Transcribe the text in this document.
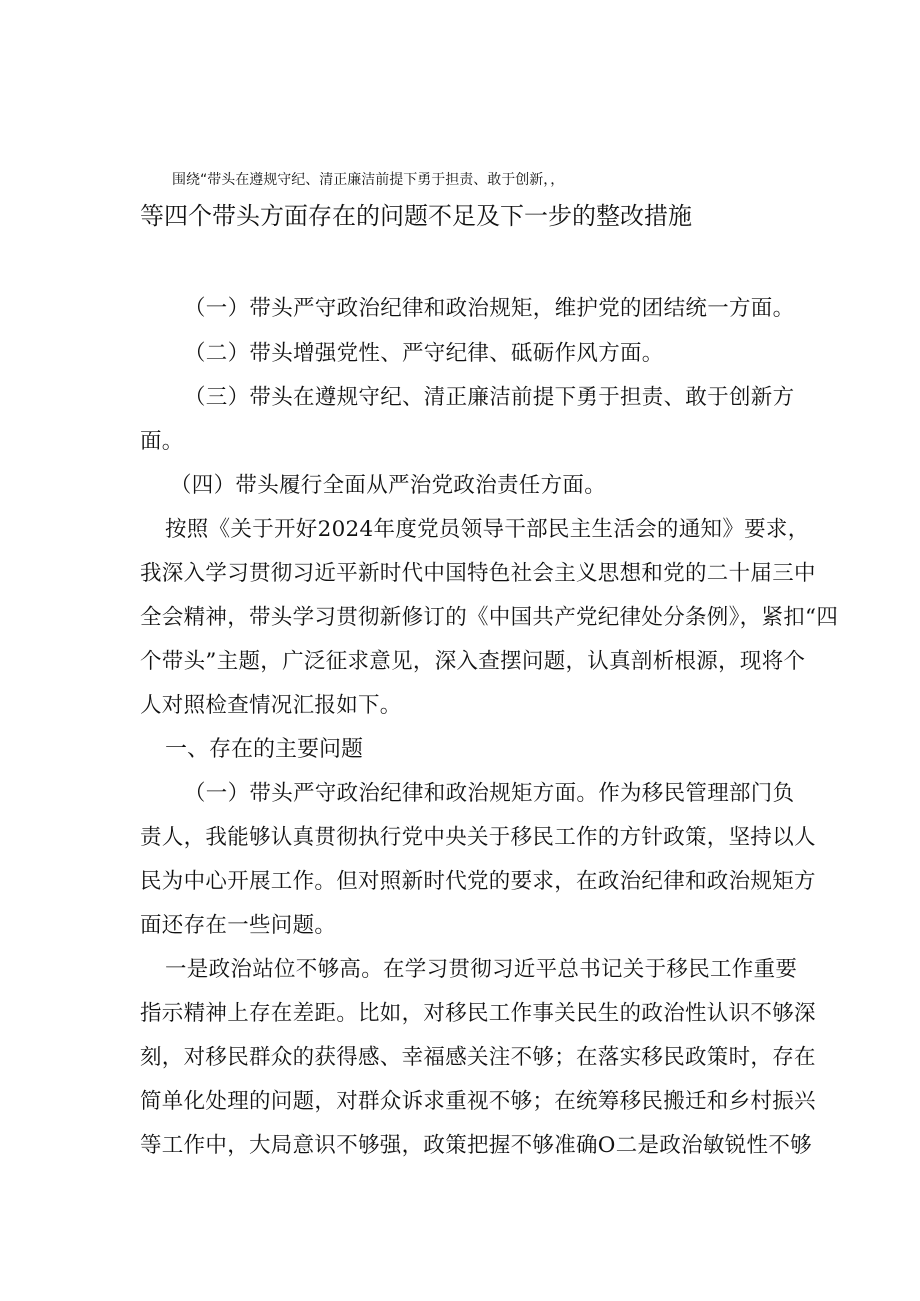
围绕“带头在遵规守纪、清正廉洁前提下勇于担责、敢于创新，，
等四个带头方面存在的问题不足及下一步的整改措施

（一）带头严守政治纪律和政治规矩，维护党的团结统一方面。

（二）带头增强党性、严守纪律、砥砺作风方面。

（三）带头在遵规守纪、清正廉洁前提下勇于担责、敢于创新方

面。

（四）带头履行全面从严治党政治责任方面。

按照《关于开好2024年度党员领导干部民主生活会的通知》要求，

我深入学习贯彻习近平新时代中国特色社会主义思想和党的二十届三中

全会精神，带头学习贯彻新修订的《中国共产党纪律处分条例》，紧扣“四

个带头”主题，广泛征求意见，深入查摆问题，认真剖析根源，现将个

人对照检查情况汇报如下。

一、存在的主要问题

（一）带头严守政治纪律和政治规矩方面。作为移民管理部门负

责人，我能够认真贯彻执行党中央关于移民工作的方针政策，坚持以人

民为中心开展工作。但对照新时代党的要求，在政治纪律和政治规矩方

面还存在一些问题。

一是政治站位不够高。在学习贯彻习近平总书记关于移民工作重要

指示精神上存在差距。比如，对移民工作事关民生的政治性认识不够深

刻，对移民群众的获得感、幸福感关注不够；在落实移民政策时，存在

简单化处理的问题，对群众诉求重视不够；在统筹移民搬迁和乡村振兴

等工作中，大局意识不够强，政策把握不够准确O二是政治敏锐性不够
